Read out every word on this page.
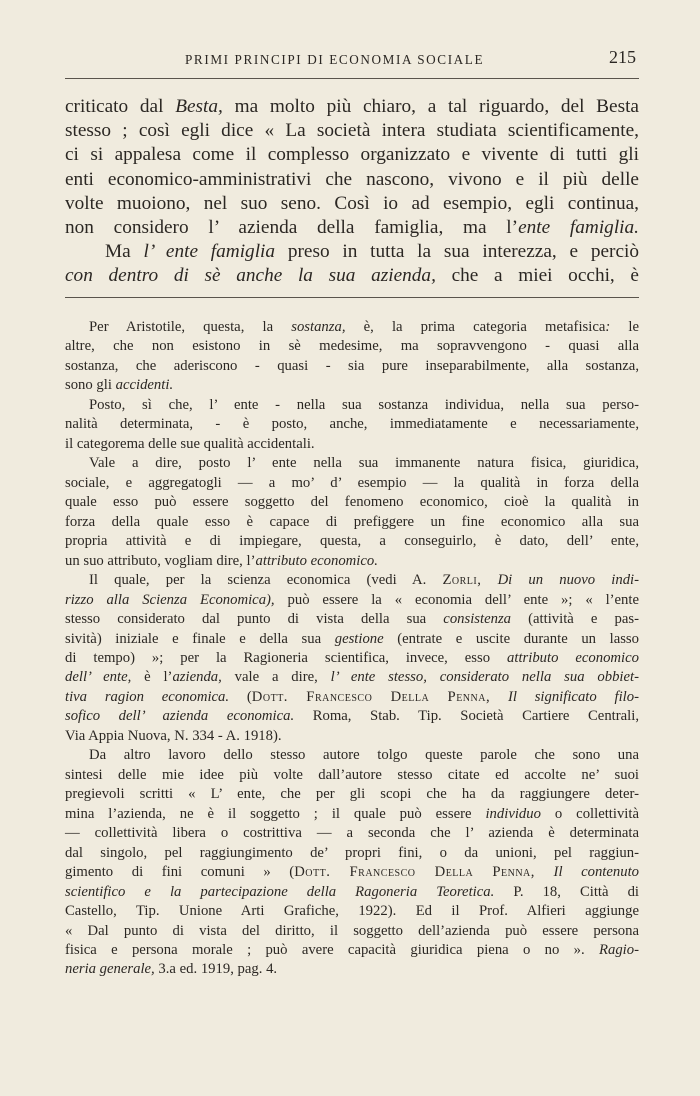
PRIMI PRINCIPI DI ECONOMIA SOCIALE	215
criticato dal Besta, ma molto più chiaro, a tal riguardo, del Besta
stesso ; così egli dice « La società intera studiata scientificamente,
ci si appalesa come il complesso organizzato e vivente di tutti gli
enti economico-amministrativi che nascono, vivono e il più delle
volte muoiono, nel suo seno. Così io ad esempio, egli continua,
non considero l’ azienda della famiglia, ma l’ente famiglia.
Ma l’ ente famiglia preso in tutta la sua interezza, e perciò
con dentro di sè anche la sua azienda, che a miei occhi, è
Per Aristotile, questa, la sostanza, è, la prima categoria metafisica: le
altre, che non esistono in sè medesime, ma sopravvengono - quasi alla
sostanza, che aderiscono - quasi - sia pure inseparabilmente, alla sostanza,
sono gli accidenti.
Posto, sì che, l’ ente - nella sua sostanza individua, nella sua perso-
nalità determinata, - è posto, anche, immediatamente e necessariamente,
il categorema delle sue qualità accidentali.
Vale a dire, posto l’ ente nella sua immanente natura fisica, giuridica,
sociale, e aggregatogli — a mo’ d’ esempio — la qualità in forza della
quale esso può essere soggetto del fenomeno economico, cioè la qualità in
forza della quale esso è capace di prefiggere un fine economico alla sua
propria attività e di impiegare, questa, a conseguirlo, è dato, dell’ ente,
un suo attributo, vogliam dire, l’attributo economico.
Il quale, per la scienza economica (vedi A. Zorli, Di un nuovo indi-
rizzo alla Scienza Economica), può essere la « economia dell’ ente »; « l’ente
stesso considerato dal punto di vista della sua consistenza (attività e pas-
sività) iniziale e finale e della sua gestione (entrate e uscite durante un lasso
di tempo) »; per la Ragioneria scientifica, invece, esso attributo economico
dell’ ente, è l’azienda, vale a dire, l’ ente stesso, considerato nella sua obbiet-
tiva ragion economica. (Dott. Francesco Della Penna, Il significato filo-
sofico dell’ azienda economica. Roma, Stab. Tip. Società Cartiere Centrali,
Via Appia Nuova, N. 334 - A. 1918).
Da altro lavoro dello stesso autore tolgo queste parole che sono una
sintesi delle mie idee più volte dall’autore stesso citate ed accolte ne’ suoi
pregievoli scritti « L’ ente, che per gli scopi che ha da raggiungere deter-
mina l’azienda, ne è il soggetto ; il quale può essere individuo o collettività
— collettività libera o costrittiva — a seconda che l’ azienda è determinata
dal singolo, pel raggiungimento de’ propri fini, o da unioni, pel raggiun-
gimento di fini comuni » (Dott. Francesco Della Penna, Il contenuto
scientifico e la partecipazione della Ragoneria Teoretica. P. 18, Città di
Castello, Tip. Unione Arti Grafiche, 1922). Ed il Prof. Alfieri aggiunge
« Dal punto di vista del diritto, il soggetto dell’azienda può essere persona
fisica e persona morale ; può avere capacità giuridica piena o no ». Ragio-
neria generale, 3.a ed. 1919, pag. 4.
